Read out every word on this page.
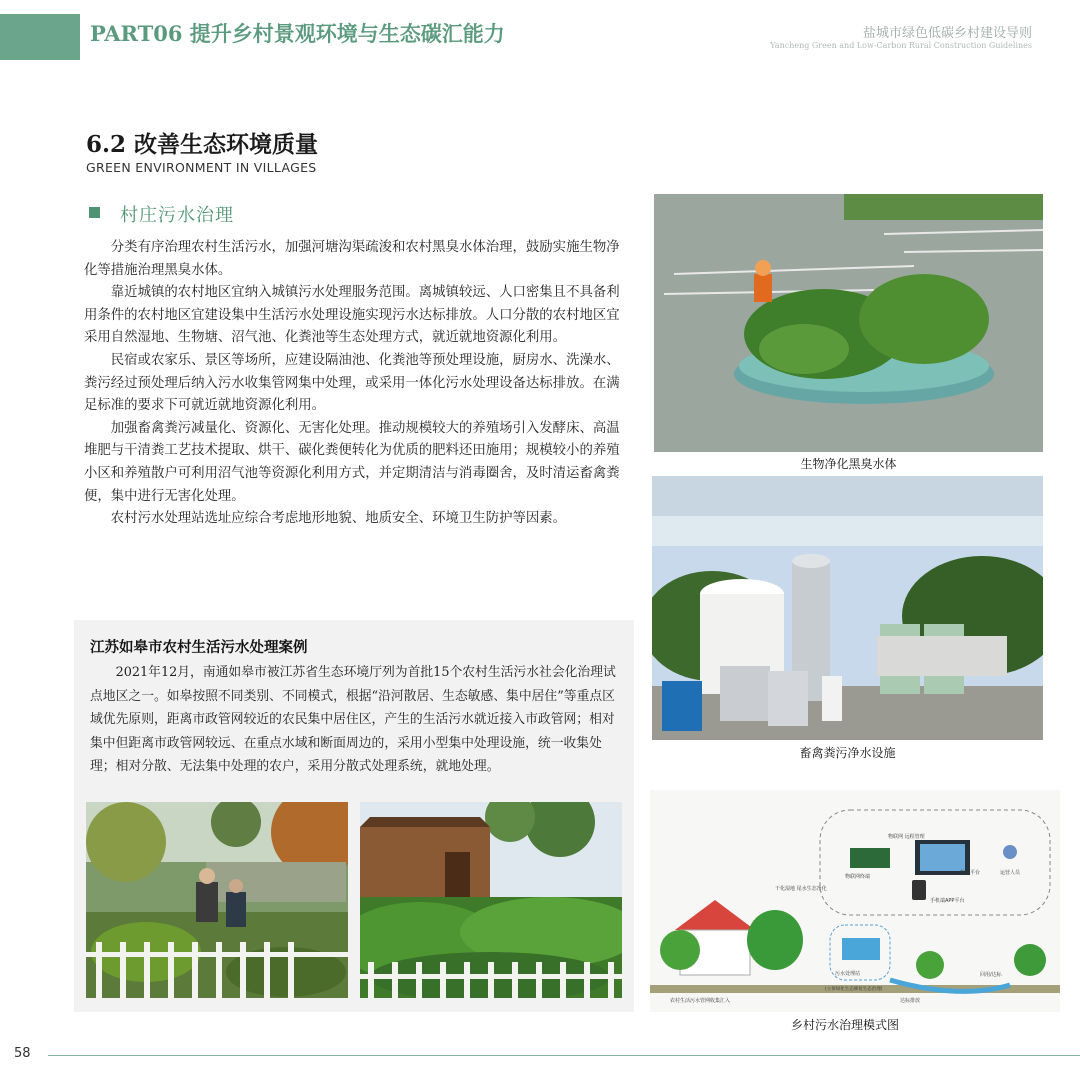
PART06 提升乡村景观环境与生态碳汇能力	盐城市绿色低碳乡村建设导则
Yancheng Green and Low-Carbon Rural Construction Guidelines
6.2 改善生态环境质量
GREEN ENVIRONMENT IN VILLAGES
村庄污水治理

分类有序治理农村生活污水，加强河塘沟渠疏浚和农村黑臭水体治理，鼓励实施生物净化等措施治理黑臭水体。

靠近城镇的农村地区宜纳入城镇污水处理服务范围。离城镇较远、人口密集且不具备利用条件的农村地区宜建设集中生活污水处理设施实现污水达标排放。人口分散的农村地区宜采用自然湿地、生物塘、沼气池、化粪池等生态处理方式，就近就地资源化利用。

民宿或农家乐、景区等场所，应建设隔油池、化粪池等预处理设施，厨房水、洗澡水、粪污经过预处理后纳入污水收集管网集中处理，或采用一体化污水处理设备达标排放。在满足标准的要求下可就近就地资源化利用。

加强畜禽粪污减量化、资源化、无害化处理。推动规模较大的养殖场引入发酵床、高温堆肥与干清粪工艺技术提取、烘干、碳化粪便转化为优质的肥料还田施用；规模较小的养殖小区和养殖散户可利用沼气池等资源化利用方式，并定期清洁与消毒圈舍，及时清运畜禽粪便，集中进行无害化处理。

农村污水处理站选址应综合考虑地形地貌、地质安全、环境卫生防护等因素。

江苏如皋市农村生活污水处理案例

2021年12月，南通如皋市被江苏省生态环境厅列为首批15个农村生活污水社会化治理试点地区之一。如皋按照不同类别、不同模式，根据“沿河散居、生态敏感、集中居住”等重点区域优先原则，距离市政管网较近的农民集中居住区，产生的生活污水就近接入市政管网；相对集中但距离市政管网较远、在重点水域和断面周边的，采用小型集中处理设施，统一收集处理；相对分散、无法集中处理的农户，采用分散式处理系统，就地处理。

生物净化黑臭水体
畜禽粪污净水设施
物联网 远程管理
监控平台
物联网终端
手机端APP平台
运营人员
干化湿地 尾水生态净化
污水处理站
(立体绿化生态修复生态治理)
农村生活污水管网收集汇入	达标排放
回用/达标
乡村污水治理模式图
58
